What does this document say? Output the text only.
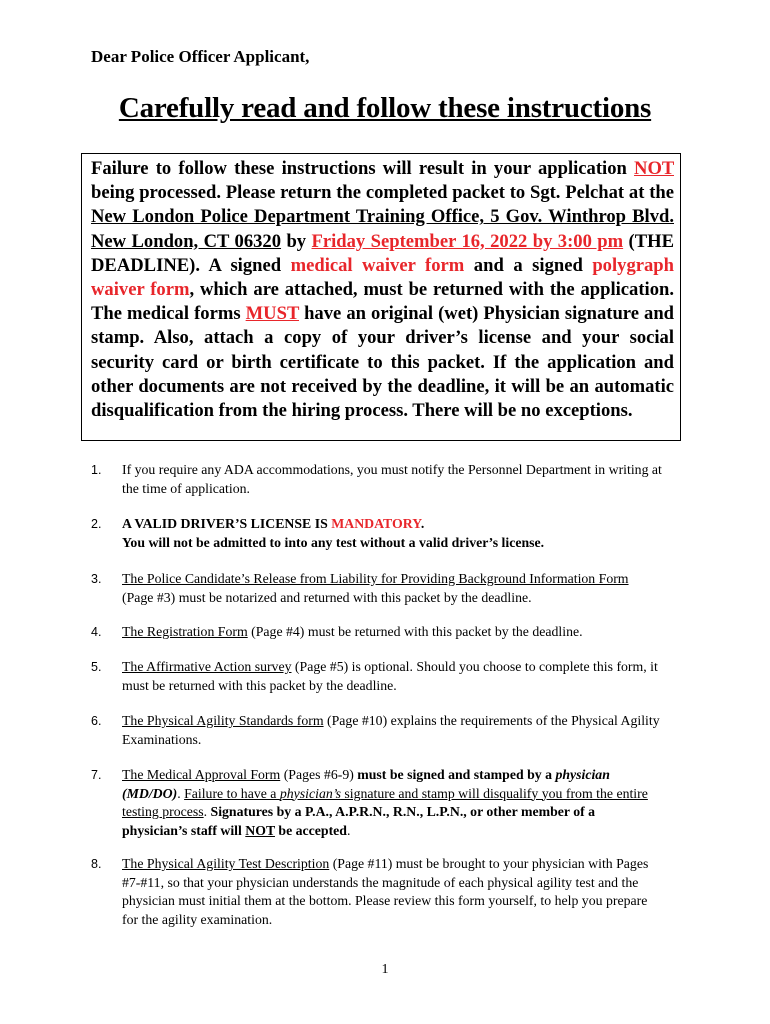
Dear Police Officer Applicant,
Carefully read and follow these instructions

Failure to follow these instructions will result in your application NOT being processed. Please return the completed packet to Sgt. Pelchat at the New London Police Department Training Office, 5 Gov. Winthrop Blvd. New London, CT 06320 by Friday September 16, 2022 by 3:00 pm (THE DEADLINE). A signed medical waiver form and a signed polygraph waiver form, which are attached, must be returned with the application. The medical forms MUST have an original (wet) Physician signature and stamp. Also, attach a copy of your driver’s license and your social security card or birth certificate to this packet. If the application and other documents are not received by the deadline, it will be an automatic disqualification from the hiring process. There will be no exceptions.

1. If you require any ADA accommodations, you must notify the Personnel Department in writing at the time of application.
2. A VALID DRIVER’S LICENSE IS MANDATORY.
You will not be admitted to into any test without a valid driver’s license.
3. The Police Candidate’s Release from Liability for Providing Background Information Form (Page #3) must be notarized and returned with this packet by the deadline.
4. The Registration Form (Page #4) must be returned with this packet by the deadline.
5. The Affirmative Action survey (Page #5) is optional. Should you choose to complete this form, it must be returned with this packet by the deadline.
6. The Physical Agility Standards form (Page #10) explains the requirements of the Physical Agility Examinations.
7. The Medical Approval Form (Pages #6-9) must be signed and stamped by a physician (MD/DO). Failure to have a physician’s signature and stamp will disqualify you from the entire testing process. Signatures by a P.A., A.P.R.N., R.N., L.P.N., or other member of a physician’s staff will NOT be accepted.
8. The Physical Agility Test Description (Page #11) must be brought to your physician with Pages #7-#11, so that your physician understands the magnitude of each physical agility test and the physician must initial them at the bottom. Please review this form yourself, to help you prepare for the agility examination.
1
